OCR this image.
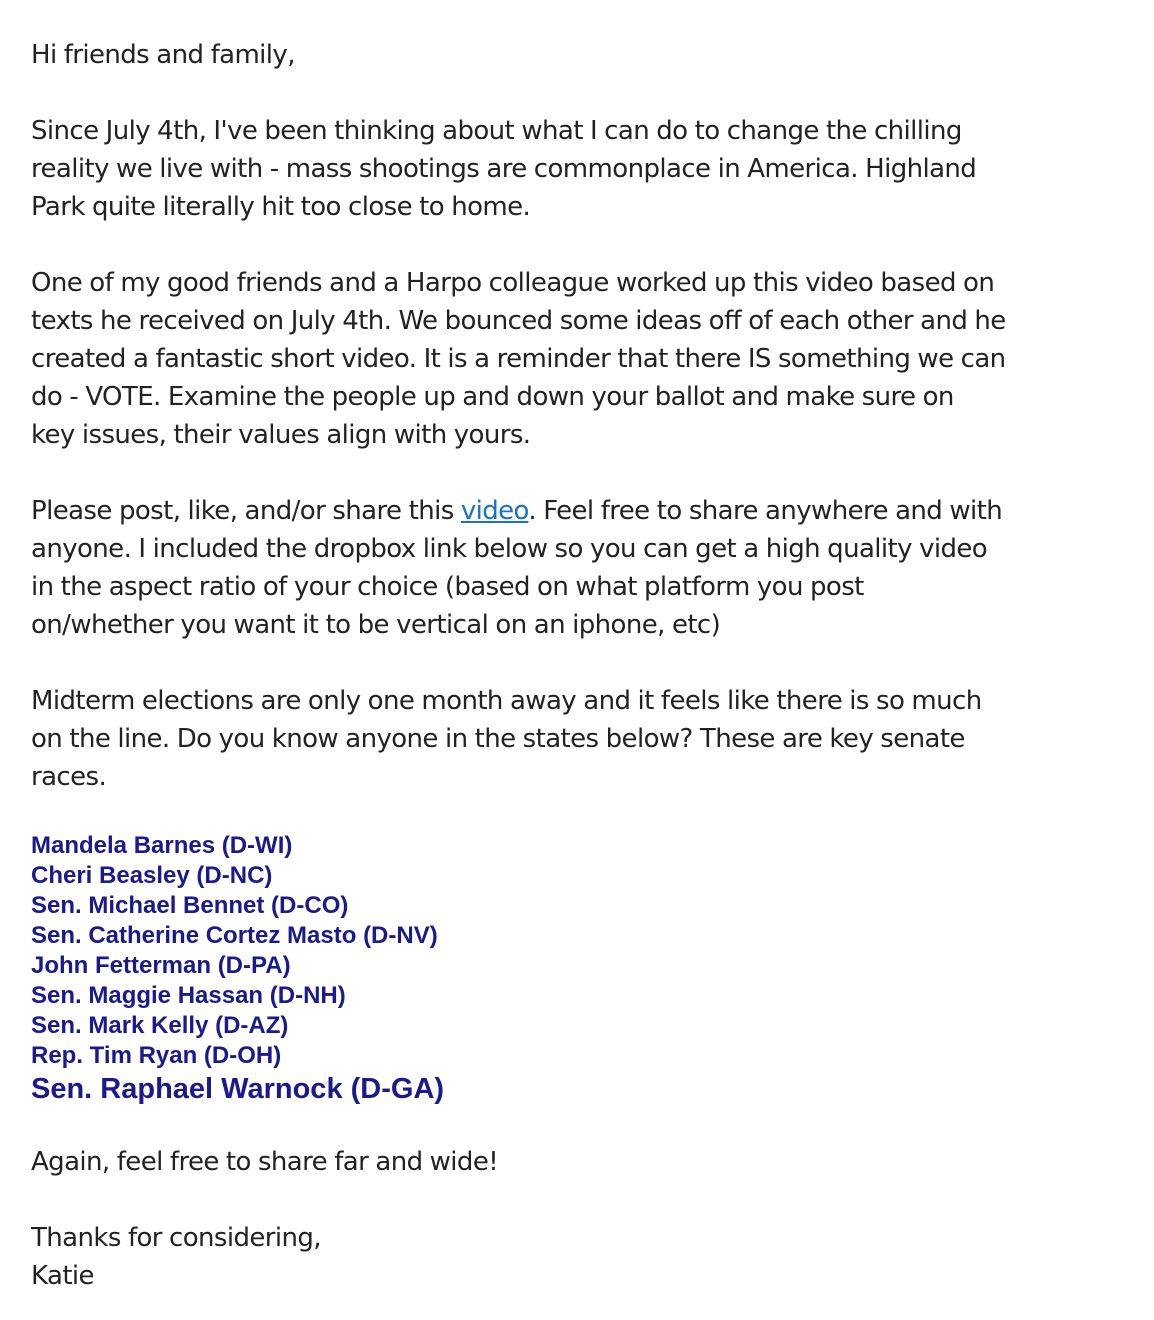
Hi friends and family,

Since July 4th, I've been thinking about what I can do to change the chilling
reality we live with - mass shootings are commonplace in America. Highland
Park quite literally hit too close to home.

One of my good friends and a Harpo colleague worked up this video based on
texts he received on July 4th. We bounced some ideas off of each other and he
created a fantastic short video. It is a reminder that there IS something we can
do - VOTE. Examine the people up and down your ballot and make sure on
key issues, their values align with yours.

Please post, like, and/or share this video. Feel free to share anywhere and with
anyone. I included the dropbox link below so you can get a high quality video
in the aspect ratio of your choice (based on what platform you post
on/whether you want it to be vertical on an iphone, etc)

Midterm elections are only one month away and it feels like there is so much
on the line. Do you know anyone in the states below? These are key senate
races.

Mandela Barnes (D-WI)
Cheri Beasley (D-NC)
Sen. Michael Bennet (D-CO)
Sen. Catherine Cortez Masto (D-NV)
John Fetterman (D-PA)
Sen. Maggie Hassan (D-NH)
Sen. Mark Kelly (D-AZ)
Rep. Tim Ryan (D-OH)
Sen. Raphael Warnock (D-GA)

Again, feel free to share far and wide!

Thanks for considering,
Katie
